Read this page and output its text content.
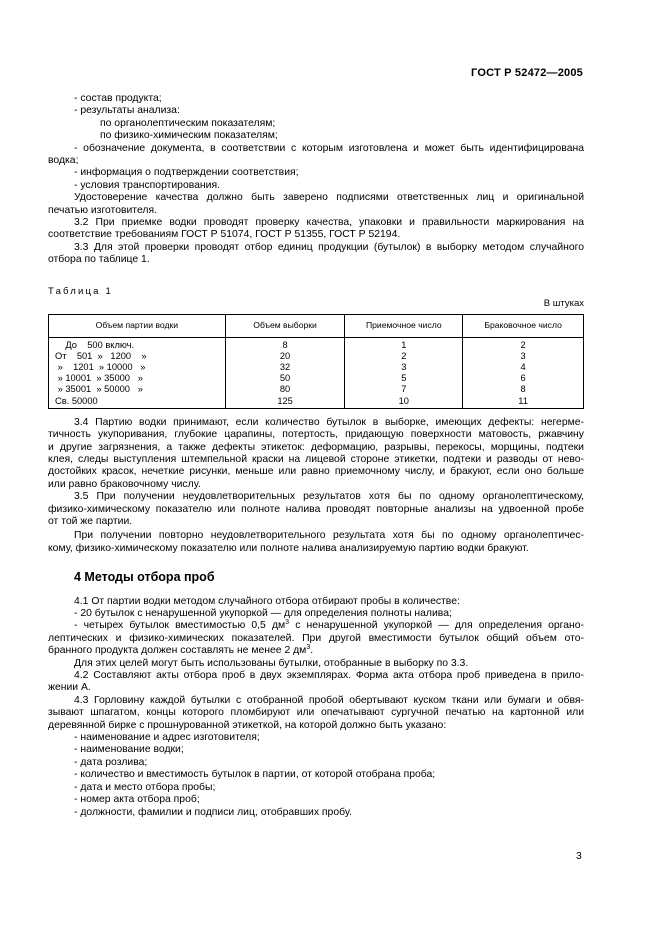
ГОСТ Р 52472—2005
- состав продукта;
- результаты анализа:
по органолептическим показателям;
по физико-химическим показателям;
- обозначение документа, в соответствии с которым изготовлена и может быть идентифицирована
водка;
- информация о подтверждении соответствия;
- условия транспортирования.
Удостоверение качества должно быть заверено подписями ответственных лиц и оригинальной
печатью изготовителя.
3.2 При приемке водки проводят проверку качества, упаковки и правильности маркирования на
соответствие требованиям ГОСТ Р 51074, ГОСТ Р 51355, ГОСТ Р 52194.
3.3 Для этой проверки проводят отбор единиц продукции (бутылок) в выборку методом случайного
отбора по таблице 1.
Таблица 1
В штуках
Объем партии водки	Объем выборки	Приемочное число	Браковочное число
До    500 включ.	8	1	2
От    501  »   1200    »	20	2	3
»    1201  » 10000   »	32	3	4
» 10001  » 35000   »	50	5	6
» 35001  » 50000   »	80	7	8
Св. 50000	125	10	11
3.4 Партию водки принимают, если количество бутылок в выборке, имеющих дефекты: негерме-
тичность укупоривания, глубокие царапины, потертость, придающую поверхности матовость, ржавчину
и другие загрязнения, а также дефекты этикеток: деформацию, разрывы, перекосы, морщины, подтеки
клея, следы выступления штемпельной краски на лицевой стороне этикетки, подтеки и разводы от нево-
достойких красок, нечеткие рисунки, меньше или равно приемочному числу, и бракуют, если оно больше
или равно браковочному числу.
3.5 При получении неудовлетворительных результатов хотя бы по одному органолептическому,
физико-химическому показателю или полноте налива проводят повторные анализы на удвоенной пробе
от той же партии.
При получении повторно неудовлетворительного результата хотя бы по одному органолептичес-
кому, физико-химическому показателю или полноте налива анализируемую партию водки бракуют.
4 Методы отбора проб
4.1 От партии водки методом случайного отбора отбирают пробы в количестве:
- 20 бутылок с ненарушенной укупоркой — для определения полноты налива;
- четырех бутылок вместимостью 0,5 $дм^3$ с ненарушенной укупоркой — для определения органо-
лептических и физико-химических показателей. При другой вместимости бутылок общий объем ото-
бранного продукта должен составлять не менее 2 $дм^3$.
Для этих целей могут быть использованы бутылки, отобранные в выборку по 3.3.
4.2 Составляют акты отбора проб в двух экземплярах. Форма акта отбора проб приведена в прило-
жении А.
4.3 Горловину каждой бутылки с отобранной пробой обертывают куском ткани или бумаги и обвя-
зывают шпагатом, концы которого пломбируют или опечатывают сургучной печатью на картонной или
деревянной бирке с прошнурованной этикеткой, на которой должно быть указано:
- наименование и адрес изготовителя;
- наименование водки;
- дата розлива;
- количество и вместимость бутылок в партии, от которой отобрана проба;
- дата и место отбора пробы;
- номер акта отбора проб;
- должности, фамилии и подписи лиц, отобравших пробу.
3
